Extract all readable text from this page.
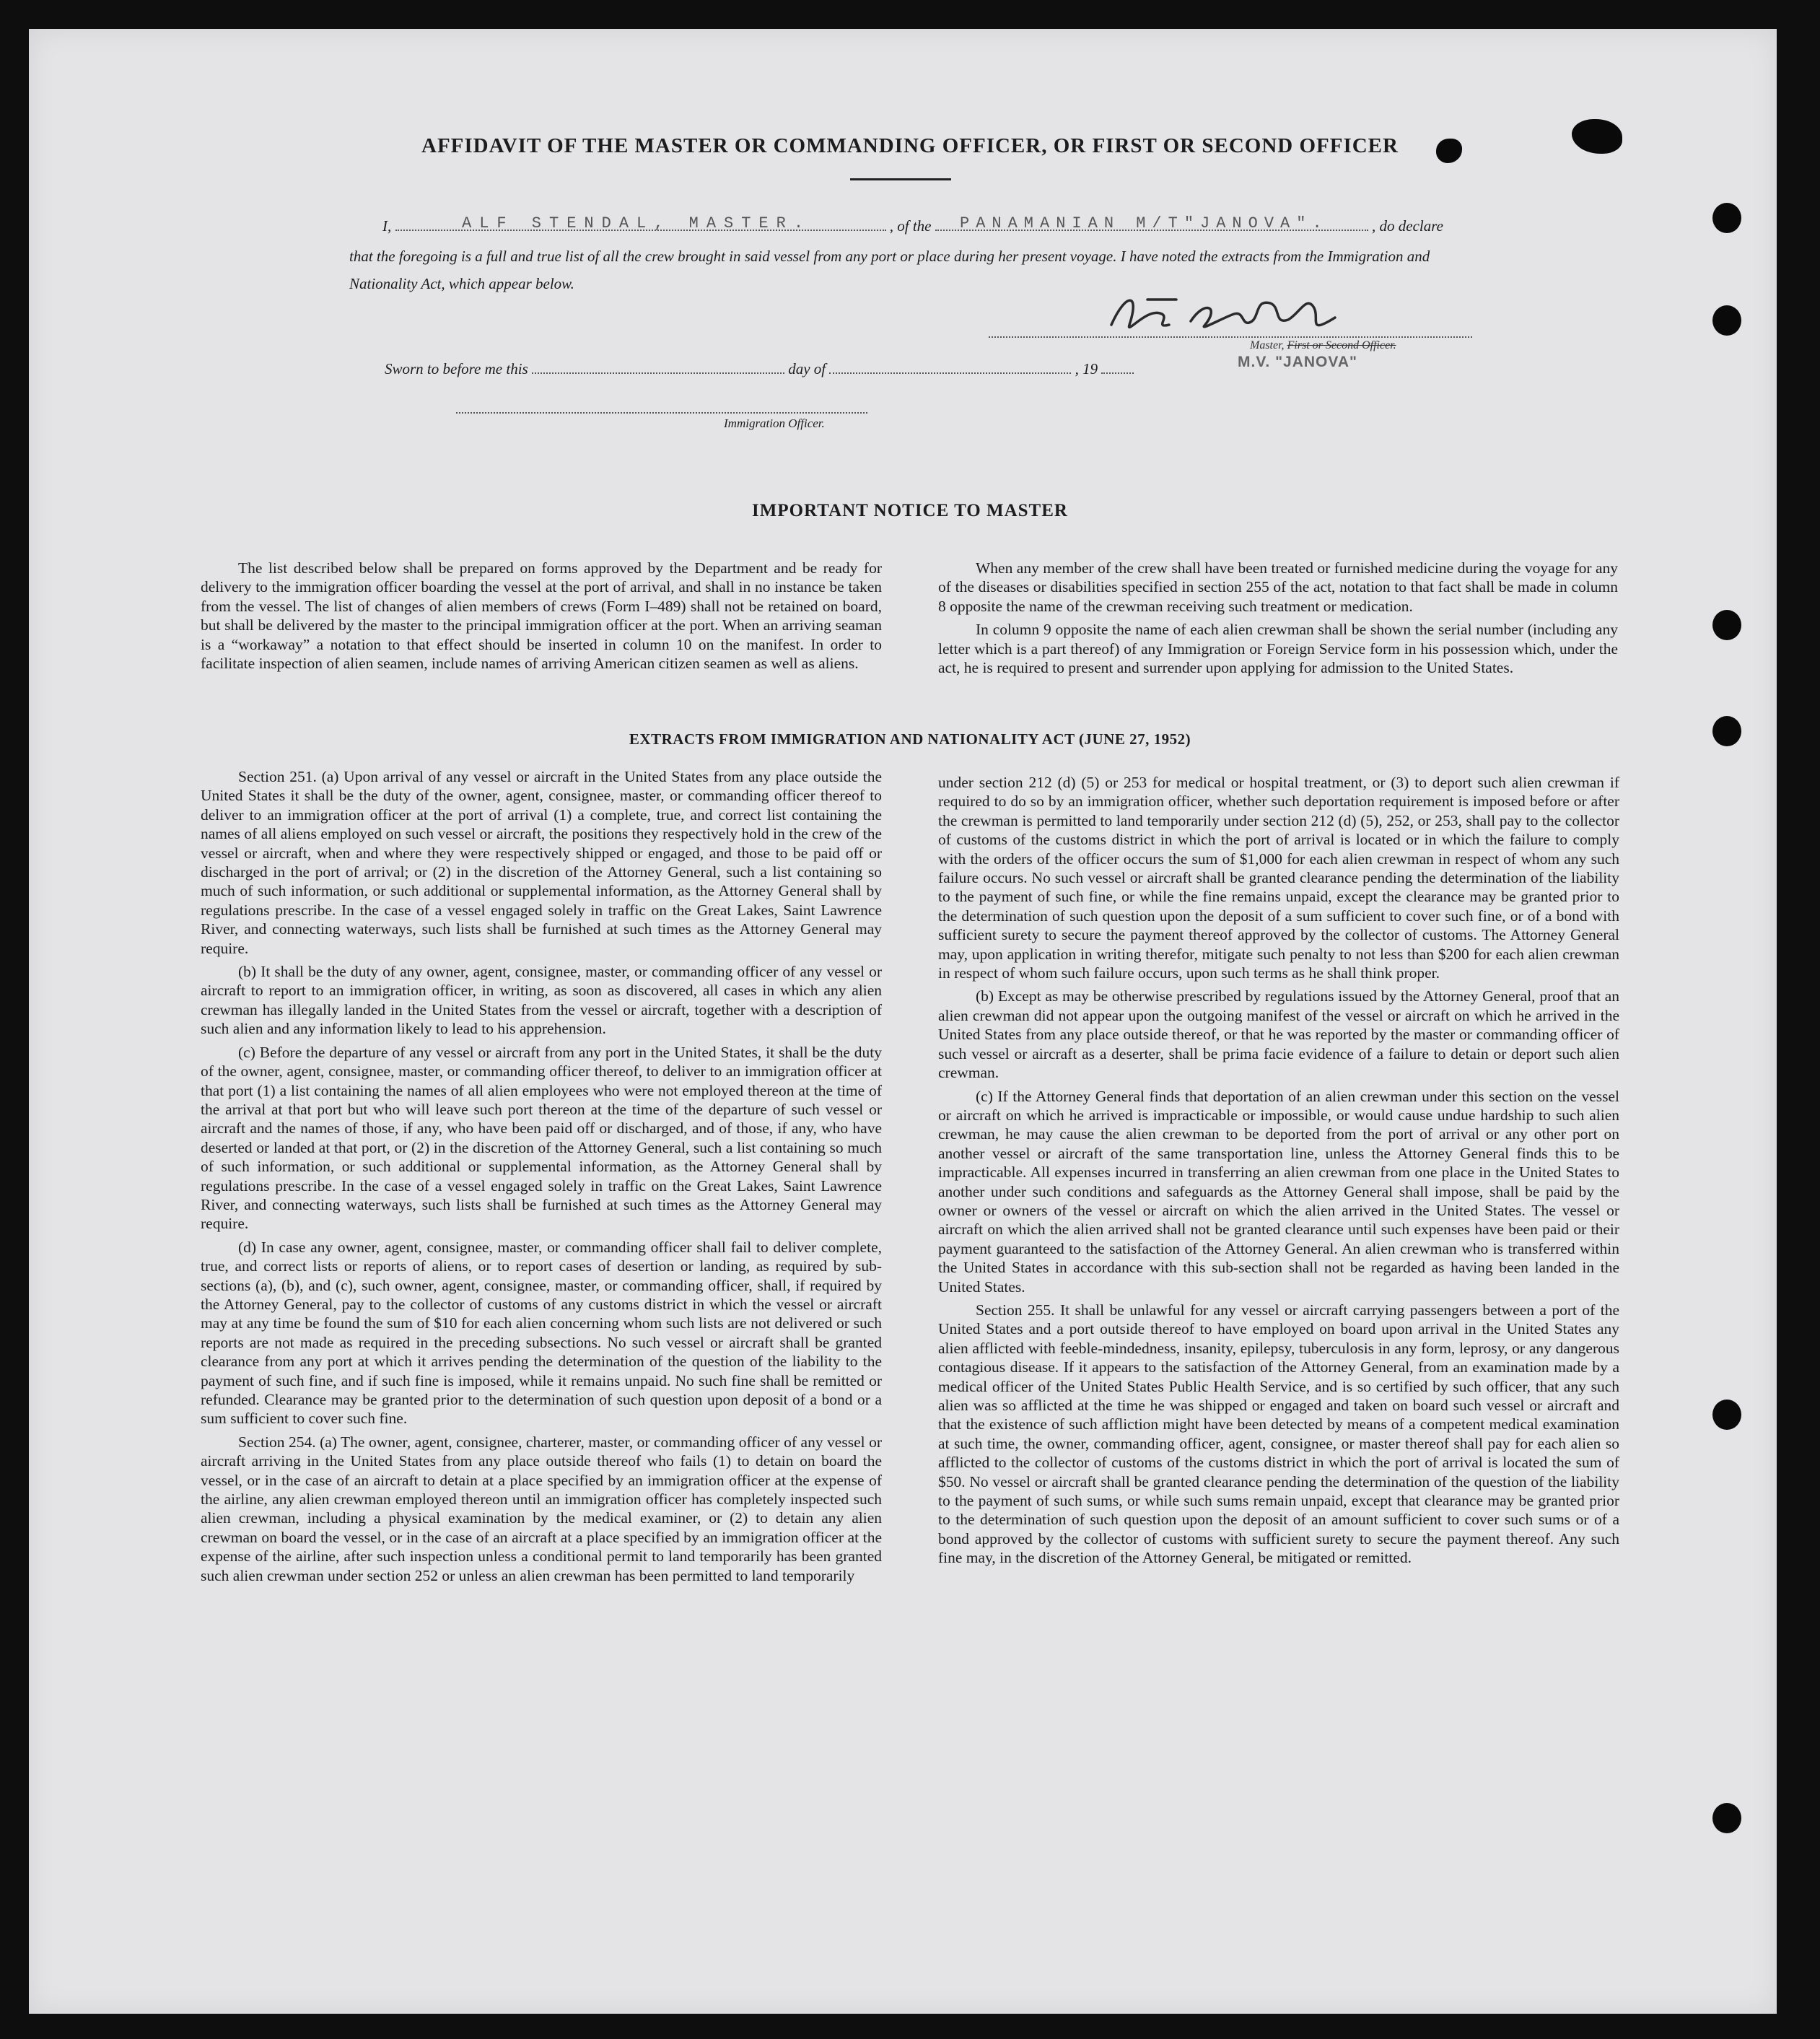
AFFIDAVIT OF THE MASTER OR COMMANDING OFFICER, OR FIRST OR SECOND OFFICER
I,	, of the	, do declare
ALF STENDAL, MASTER.	PANAMANIAN M/T"JANOVA".
that the foregoing is a full and true list of all the crew brought in said vessel from any port or place during her present voyage. I have noted the extracts from the Immigration and Nationality Act, which appear below.
Master, First or Second Officer.
M.V. "JANOVA"
Sworn to before me this	day of	, 19
Immigration Officer.
IMPORTANT NOTICE TO MASTER

The list described below shall be prepared on forms approved by the Department and be ready for delivery to the immigration officer boarding the vessel at the port of arrival, and shall in no instance be taken from the vessel. The list of changes of alien members of crews (Form I–489) shall not be retained on board, but shall be delivered by the master to the principal immigration officer at the port. When an arriving seaman is a “workaway” a notation to that effect should be inserted in column 10 on the manifest. In order to facilitate inspection of alien seamen, include names of arriving American citizen seamen as well as aliens.

When any member of the crew shall have been treated or furnished medicine during the voyage for any of the diseases or disabilities specified in section 255 of the act, notation to that fact shall be made in column 8 opposite the name of the crewman receiving such treatment or medication.

In column 9 opposite the name of each alien crewman shall be shown the serial number (including any letter which is a part thereof) of any Immigration or Foreign Service form in his possession which, under the act, he is required to present and surrender upon applying for admission to the United States.

EXTRACTS FROM IMMIGRATION AND NATIONALITY ACT (JUNE 27, 1952)

Section 251. (a) Upon arrival of any vessel or aircraft in the United States from any place outside the United States it shall be the duty of the owner, agent, consignee, master, or commanding officer thereof to deliver to an immigration officer at the port of arrival (1) a complete, true, and correct list containing the names of all aliens employed on such vessel or aircraft, the positions they respectively hold in the crew of the vessel or aircraft, when and where they were respectively shipped or engaged, and those to be paid off or discharged in the port of arrival; or (2) in the discretion of the Attorney General, such a list containing so much of such information, or such additional or supplemental information, as the Attorney General shall by regulations prescribe. In the case of a vessel engaged solely in traffic on the Great Lakes, Saint Lawrence River, and connecting waterways, such lists shall be furnished at such times as the Attorney General may require.

(b) It shall be the duty of any owner, agent, consignee, master, or commanding officer of any vessel or aircraft to report to an immigration officer, in writing, as soon as discovered, all cases in which any alien crewman has illegally landed in the United States from the vessel or aircraft, together with a description of such alien and any information likely to lead to his apprehension.

(c) Before the departure of any vessel or aircraft from any port in the United States, it shall be the duty of the owner, agent, consignee, master, or commanding officer thereof, to deliver to an immigration officer at that port (1) a list containing the names of all alien employees who were not employed thereon at the time of the arrival at that port but who will leave such port thereon at the time of the departure of such vessel or aircraft and the names of those, if any, who have been paid off or discharged, and of those, if any, who have deserted or landed at that port, or (2) in the discretion of the Attorney General, such a list containing so much of such information, or such additional or supplemental information, as the Attorney General shall by regulations prescribe. In the case of a vessel engaged solely in traffic on the Great Lakes, Saint Lawrence River, and connecting waterways, such lists shall be furnished at such times as the Attorney General may require.

(d) In case any owner, agent, consignee, master, or commanding officer shall fail to deliver complete, true, and correct lists or reports of aliens, or to report cases of desertion or landing, as required by sub-sections (a), (b), and (c), such owner, agent, consignee, master, or commanding officer, shall, if required by the Attorney General, pay to the collector of customs of any customs district in which the vessel or aircraft may at any time be found the sum of $10 for each alien concerning whom such lists are not delivered or such reports are not made as required in the preceding subsections. No such vessel or aircraft shall be granted clearance from any port at which it arrives pending the determination of the question of the liability to the payment of such fine, and if such fine is imposed, while it remains unpaid. No such fine shall be remitted or refunded. Clearance may be granted prior to the determination of such question upon deposit of a bond or a sum sufficient to cover such fine.

Section 254. (a) The owner, agent, consignee, charterer, master, or commanding officer of any vessel or aircraft arriving in the United States from any place outside thereof who fails (1) to detain on board the vessel, or in the case of an aircraft to detain at a place specified by an immigration officer at the expense of the airline, any alien crewman employed thereon until an immigration officer has completely inspected such alien crewman, including a physical examination by the medical examiner, or (2) to detain any alien crewman on board the vessel, or in the case of an aircraft at a place specified by an immigration officer at the expense of the airline, after such inspection unless a conditional permit to land temporarily has been granted such alien crewman under section 252 or unless an alien crewman has been permitted to land temporarily

under section 212 (d) (5) or 253 for medical or hospital treatment, or (3) to deport such alien crewman if required to do so by an immigration officer, whether such deportation requirement is imposed before or after the crewman is permitted to land temporarily under section 212 (d) (5), 252, or 253, shall pay to the collector of customs of the customs district in which the port of arrival is located or in which the failure to comply with the orders of the officer occurs the sum of $1,000 for each alien crewman in respect of whom any such failure occurs. No such vessel or aircraft shall be granted clearance pending the determination of the liability to the payment of such fine, or while the fine remains unpaid, except the clearance may be granted prior to the determination of such question upon the deposit of a sum sufficient to cover such fine, or of a bond with sufficient surety to secure the payment thereof approved by the collector of customs. The Attorney General may, upon application in writing therefor, mitigate such penalty to not less than $200 for each alien crewman in respect of whom such failure occurs, upon such terms as he shall think proper.

(b) Except as may be otherwise prescribed by regulations issued by the Attorney General, proof that an alien crewman did not appear upon the outgoing manifest of the vessel or aircraft on which he arrived in the United States from any place outside thereof, or that he was reported by the master or commanding officer of such vessel or aircraft as a deserter, shall be prima facie evidence of a failure to detain or deport such alien crewman.

(c) If the Attorney General finds that deportation of an alien crewman under this section on the vessel or aircraft on which he arrived is impracticable or impossible, or would cause undue hardship to such alien crewman, he may cause the alien crewman to be deported from the port of arrival or any other port on another vessel or aircraft of the same transportation line, unless the Attorney General finds this to be impracticable. All expenses incurred in transferring an alien crewman from one place in the United States to another under such conditions and safeguards as the Attorney General shall impose, shall be paid by the owner or owners of the vessel or aircraft on which the alien arrived in the United States. The vessel or aircraft on which the alien arrived shall not be granted clearance until such expenses have been paid or their payment guaranteed to the satisfaction of the Attorney General. An alien crewman who is transferred within the United States in accordance with this sub-section shall not be regarded as having been landed in the United States.

Section 255. It shall be unlawful for any vessel or aircraft carrying passengers between a port of the United States and a port outside thereof to have employed on board upon arrival in the United States any alien afflicted with feeble-mindedness, insanity, epilepsy, tuberculosis in any form, leprosy, or any dangerous contagious disease. If it appears to the satisfaction of the Attorney General, from an examination made by a medical officer of the United States Public Health Service, and is so certified by such officer, that any such alien was so afflicted at the time he was shipped or engaged and taken on board such vessel or aircraft and that the existence of such affliction might have been detected by means of a competent medical examination at such time, the owner, commanding officer, agent, consignee, or master thereof shall pay for each alien so afflicted to the collector of customs of the customs district in which the port of arrival is located the sum of $50. No vessel or aircraft shall be granted clearance pending the determination of the question of the liability to the payment of such sums, or while such sums remain unpaid, except that clearance may be granted prior to the determination of such question upon the deposit of an amount sufficient to cover such sums or of a bond approved by the collector of customs with sufficient surety to secure the payment thereof. Any such fine may, in the discretion of the Attorney General, be mitigated or remitted.
